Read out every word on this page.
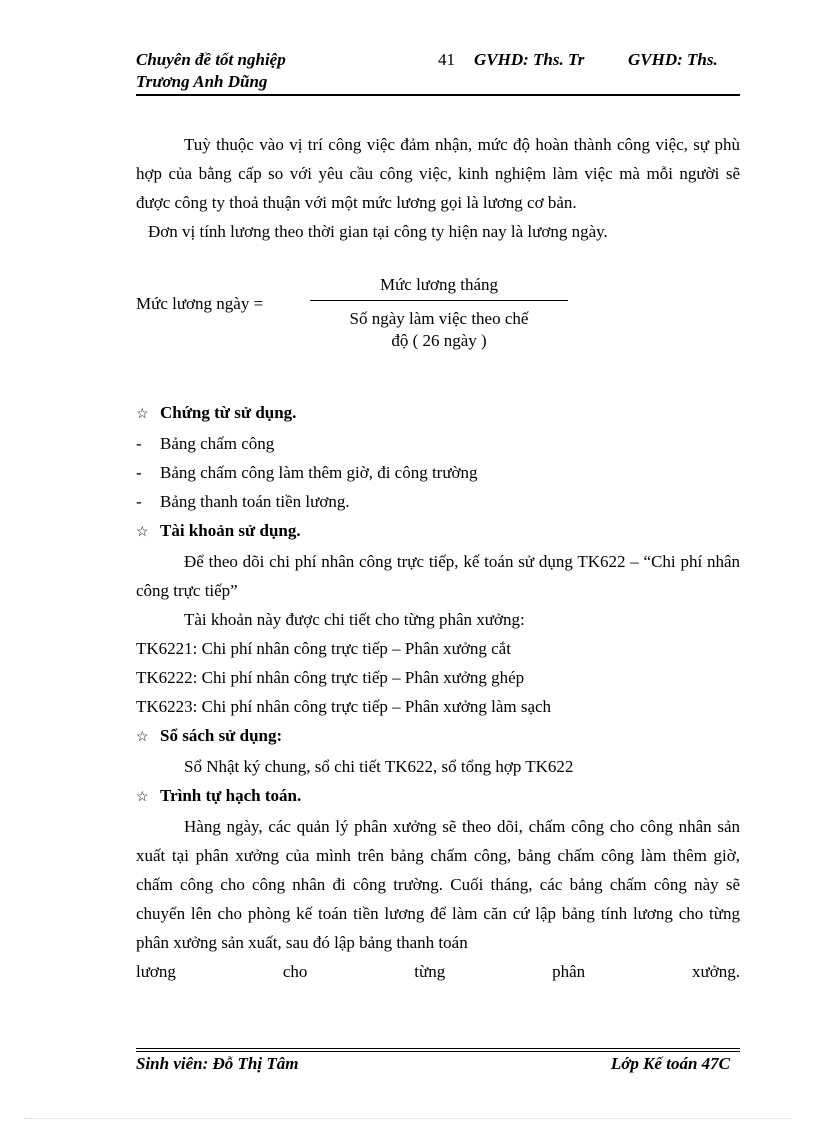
Chuyên đề tốt nghiệp
Trương Anh Dũng
41 GVHD: Ths. Tr	GVHD: Ths.

Tuỳ thuộc vào vị trí công việc đảm nhận, mức độ hoàn thành công việc, sự phù hợp của bằng cấp so với yêu cầu công việc, kinh nghiệm làm việc mà mỗi người sẽ được công ty thoả thuận với một mức lương gọi là lương cơ bản.

Đơn vị tính lương theo thời gian tại công ty hiện nay là lương ngày.

Mức lương ngày =
Mức lương tháng
Số ngày làm việc theo chế
độ ( 26 ngày )
☆ Chứng từ sử dụng.
- Bảng chấm công
- Bảng chấm công làm thêm giờ, đi công trường
- Bảng thanh toán tiền lương.
☆ Tài khoản sử dụng.

Để theo dõi chi phí nhân công trực tiếp, kế toán sử dụng TK622 – “Chi phí nhân công trực tiếp”

Tài khoản này được chi tiết cho từng phân xưởng:

TK6221: Chi phí nhân công trực tiếp – Phân xưởng cắt
TK6222: Chi phí nhân công trực tiếp – Phân xưởng ghép
TK6223: Chi phí nhân công trực tiếp – Phân xưởng làm sạch
☆ Sổ sách sử dụng:

Sổ Nhật ký chung, sổ chi tiết TK622, sổ tổng hợp TK622

☆ Trình tự hạch toán.

Hàng ngày, các quản lý phân xưởng sẽ theo dõi, chấm công cho công nhân sản xuất tại phân xưởng của mình trên bảng chấm công, bảng chấm công làm thêm giờ, chấm công cho công nhân đi công trường. Cuối tháng, các bảng chấm công này sẽ chuyển lên cho phòng kế toán tiền lương để làm căn cứ lập bảng tính lương cho từng phân xưởng sản xuất, sau đó lập bảng thanh toán

lương cho từng phân xưởng.

Sinh viên: Đỗ Thị Tâm	Lớp Kế toán 47C
